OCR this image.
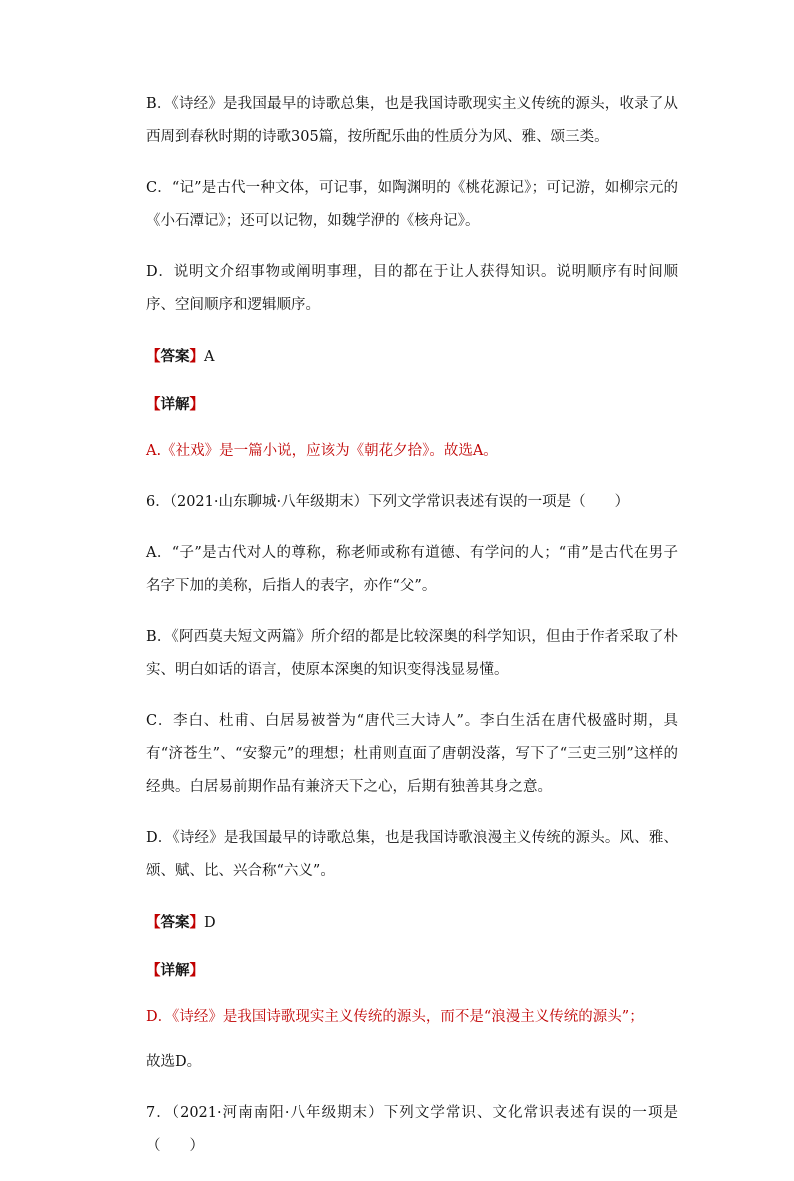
B．《诗经》是我国最早的诗歌总集，也是我国诗歌现实主义传统的源头，收录了从西周到春秋时期的诗歌305篇，按所配乐曲的性质分为风、雅、颂三类。

C．“记”是古代一种文体，可记事，如陶渊明的《桃花源记》；可记游，如柳宗元的《小石潭记》；还可以记物，如魏学洢的《核舟记》。

D．说明文介绍事物或阐明事理，目的都在于让人获得知识。说明顺序有时间顺序、空间顺序和逻辑顺序。

【答案】A
【详解】

A.《社戏》是一篇小说，应该为《朝花夕拾》。故选A。

6．（2021·山东聊城·八年级期末）下列文学常识表述有误的一项是（　　）

A．“子”是古代对人的尊称，称老师或称有道德、有学问的人；“甫”是古代在男子名字下加的美称，后指人的表字，亦作“父”。

B．《阿西莫夫短文两篇》所介绍的都是比较深奥的科学知识，但由于作者采取了朴实、明白如话的语言，使原本深奥的知识变得浅显易懂。

C．李白、杜甫、白居易被誉为“唐代三大诗人”。李白生活在唐代极盛时期，具有“济苍生”、“安黎元”的理想；杜甫则直面了唐朝没落，写下了“三吏三别”这样的经典。白居易前期作品有兼济天下之心，后期有独善其身之意。

D．《诗经》是我国最早的诗歌总集，也是我国诗歌浪漫主义传统的源头。风、雅、颂、赋、比、兴合称“六义”。

【答案】D
【详解】

D．《诗经》是我国诗歌现实主义传统的源头，而不是“浪漫主义传统的源头”；

故选D。

7．（2021·河南南阳·八年级期末）下列文学常识、文化常识表述有误的一项是 （　　）
